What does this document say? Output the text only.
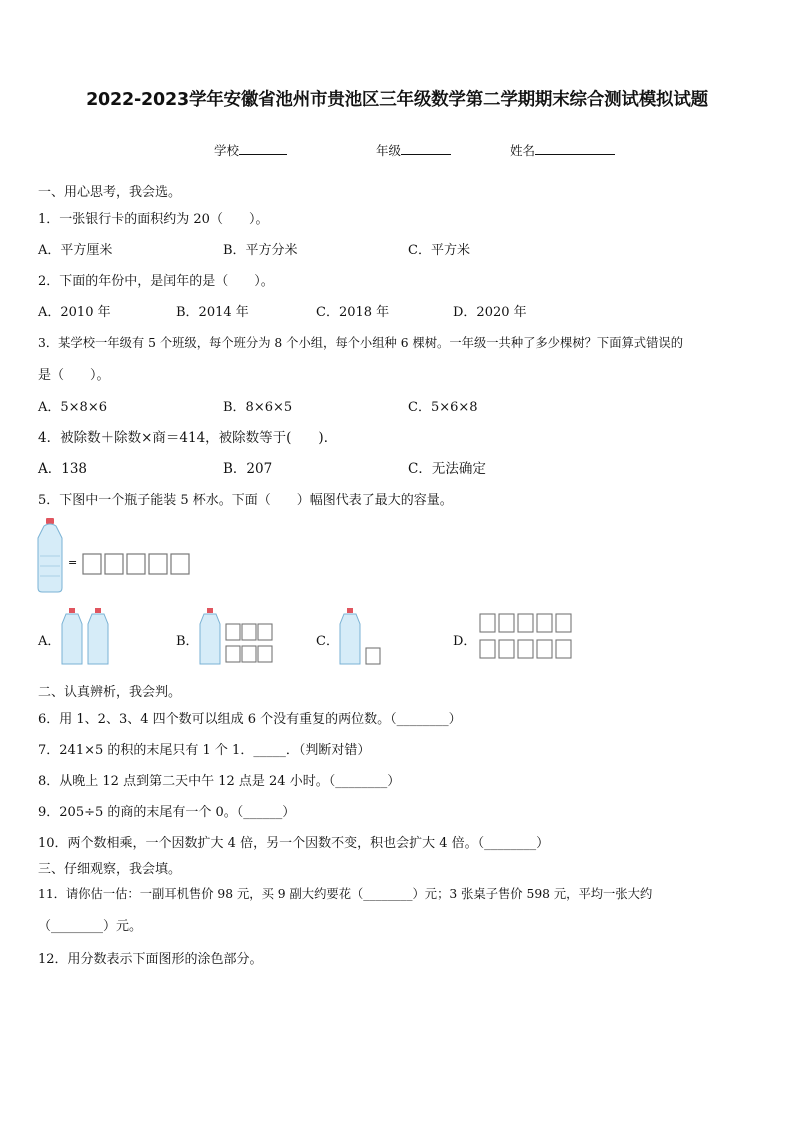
2022-2023学年安徽省池州市贵池区三年级数学第二学期期末综合测试模拟试题
学校	年级	姓名
一、用心思考，我会选。
1．一张银行卡的面积约为 20（　　）。
A．平方厘米	B．平方分米	C．平方米
2．下面的年份中，是闰年的是（　　）。
A．2010 年	B．2014 年	C．2018 年	D．2020 年
3．某学校一年级有 5 个班级，每个班分为 8 个小组，每个小组种 6 棵树。一年级一共种了多少棵树？下面算式错误的
是（　　）。
A．5×8×6	B．8×6×5	C．5×6×8
4．被除数＋除数×商＝414，被除数等于(　　)．
A．138	B．207	C．无法确定
5．下图中一个瓶子能装 5 杯水。下面（　　）幅图代表了最大的容量。
=
A．	B．	C．	D．
二、认真辨析，我会判。
6．用 1、2、3、4 四个数可以组成 6 个没有重复的两位数。（________）
7．241×5 的积的末尾只有 1 个 1．_____．（判断对错）
8．从晚上 12 点到第二天中午 12 点是 24 小时。（________）
9．205÷5 的商的末尾有一个 0。（______）
10．两个数相乘，一个因数扩大 4 倍，另一个因数不变，积也会扩大 4 倍。（________）
三、仔细观察，我会填。
11．请你估一估：一副耳机售价 98 元，买 9 副大约要花（________）元；3 张桌子售价 598 元，平均一张大约
（________）元。
12．用分数表示下面图形的涂色部分。
